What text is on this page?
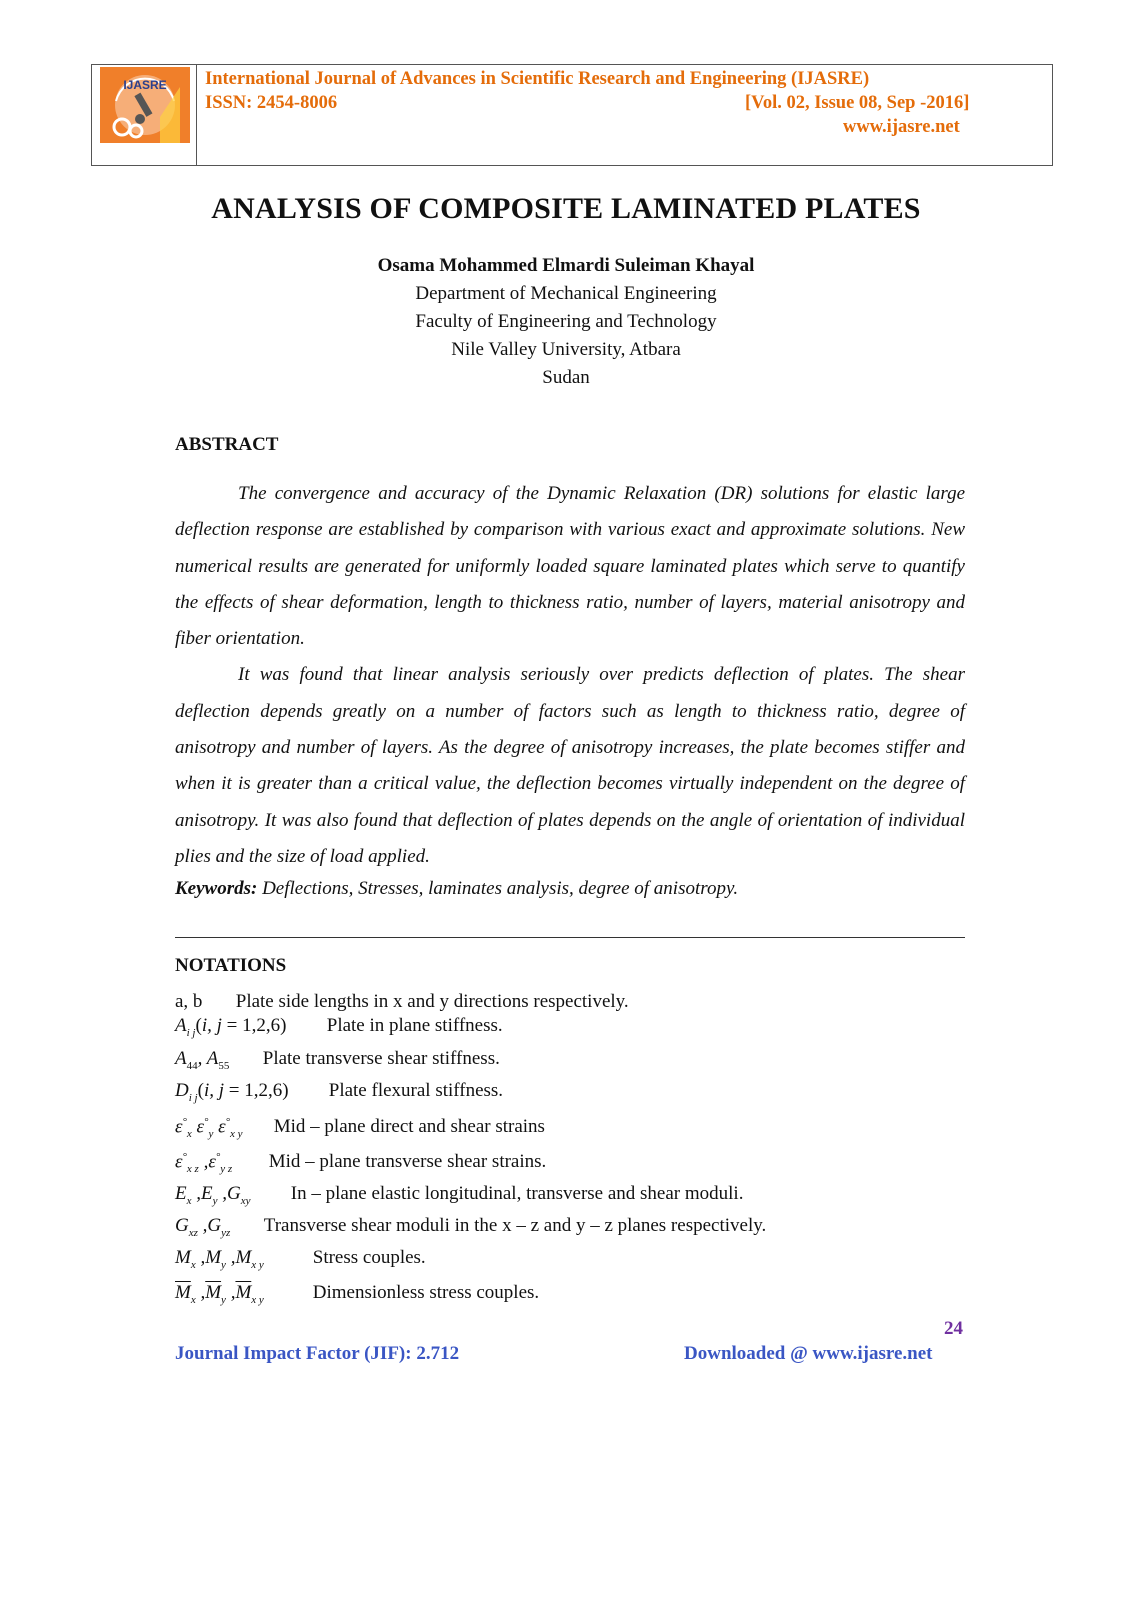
IJASRE International Journal of Advances in Scientific Research and Engineering (IJASRE)
ISSN: 2454-8006	[Vol. 02, Issue 08, Sep -2016]
www.ijasre.net
ANALYSIS OF COMPOSITE LAMINATED PLATES
Osama Mohammed Elmardi Suleiman Khayal
Department of Mechanical Engineering
Faculty of Engineering and Technology
Nile Valley University, Atbara
Sudan
ABSTRACT

The convergence and accuracy of the Dynamic Relaxation (DR) solutions for elastic large deflection response are established by comparison with various exact and approximate solutions. New numerical results are generated for uniformly loaded square laminated plates which serve to quantify the effects of shear deformation, length to thickness ratio, number of layers, material anisotropy and fiber orientation.

It was found that linear analysis seriously over predicts deflection of plates. The shear deflection depends greatly on a number of factors such as length to thickness ratio, degree of anisotropy and number of layers. As the degree of anisotropy increases, the plate becomes stiffer and when it is greater than a critical value, the deflection becomes virtually independent on the degree of anisotropy. It was also found that deflection of plates depends on the angle of orientation of individual plies and the size of load applied.

Keywords: Deflections, Stresses, laminates analysis, degree of anisotropy.
NOTATIONS
a, b Plate side lengths in x and y directions respectively.
$A_{i j}(i$, j = 1,2,6) Plate in plane stiffness.
$A_{44}$, $A_{55}$ Plate transverse shear stiffness.
$D_{i j}(i$, j = 1,2,6) Plate flexural stiffness.
$\varepsilon^\circ_x$ $\varepsilon^\circ_y$ $\varepsilon^\circ_{x y}$ Mid – plane direct and shear strains
$\varepsilon^\circ_{x z}$ $,\varepsilon^\circ_{y z}$ Mid – plane transverse shear strains.
$E_x$ $,E_y$ $,G_{xy}$ In – plane elastic longitudinal, transverse and shear moduli.
$G_{xz}$ $,G_{yz}$ Transverse shear moduli in the x – z and y – z planes respectively.
$M_x$ $,M_y$ $,M_{x y}$	Stress couples.
$\overline{M}_x$ $,\overline{M}_y$ $,\overline{M}_{x y}$	Dimensionless stress couples.
24
Journal Impact Factor (JIF): 2.712	Downloaded @ www.ijasre.net
